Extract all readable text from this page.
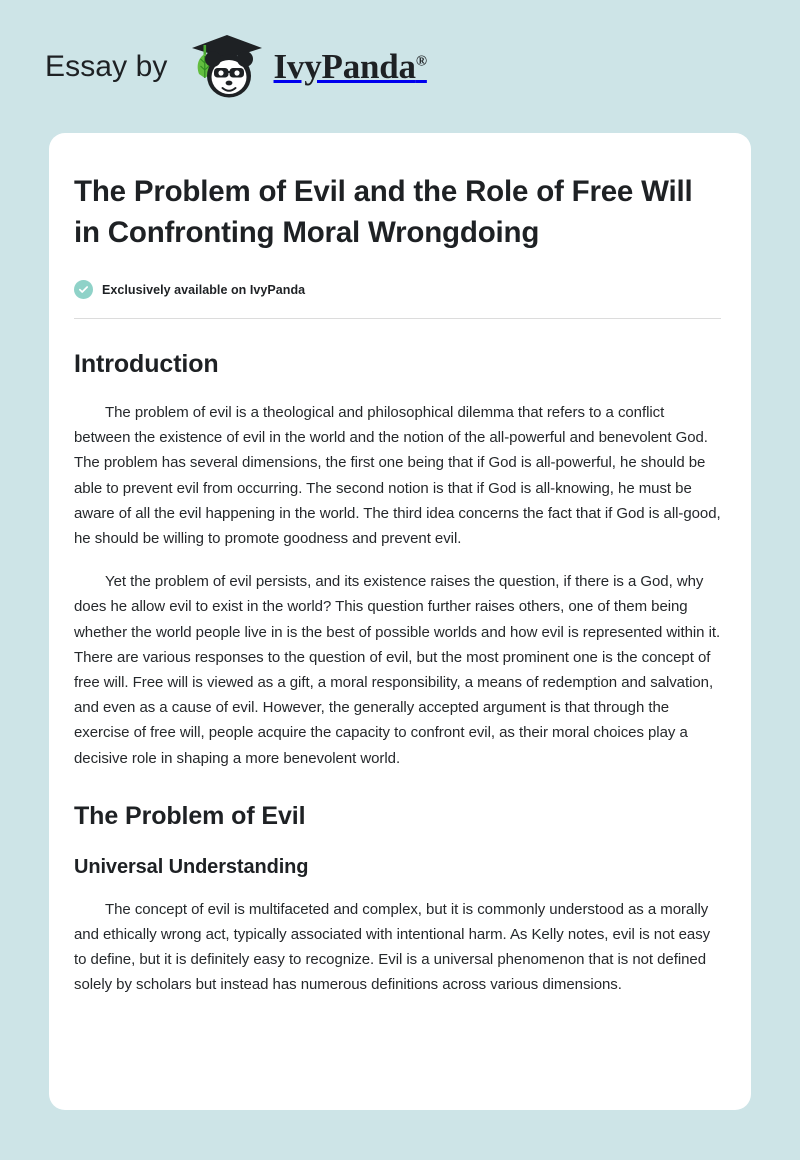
Essay by	IvyPanda®
The Problem of Evil and the Role of Free Will in Confronting Moral Wrongdoing
Exclusively available on IvyPanda
Introduction

The problem of evil is a theological and philosophical dilemma that refers to a conflict between the existence of evil in the world and the notion of the all-powerful and benevolent God. The problem has several dimensions, the first one being that if God is all-powerful, he should be able to prevent evil from occurring. The second notion is that if God is all-knowing, he must be aware of all the evil happening in the world. The third idea concerns the fact that if God is all-good, he should be willing to promote goodness and prevent evil.

Yet the problem of evil persists, and its existence raises the question, if there is a God, why does he allow evil to exist in the world? This question further raises others, one of them being whether the world people live in is the best of possible worlds and how evil is represented within it. There are various responses to the question of evil, but the most prominent one is the concept of free will. Free will is viewed as a gift, a moral responsibility, a means of redemption and salvation, and even as a cause of evil. However, the generally accepted argument is that through the exercise of free will, people acquire the capacity to confront evil, as their moral choices play a decisive role in shaping a more benevolent world.

The Problem of Evil
Universal Understanding

The concept of evil is multifaceted and complex, but it is commonly understood as a morally and ethically wrong act, typically associated with intentional harm. As Kelly notes, evil is not easy to define, but it is definitely easy to recognize. Evil is a universal phenomenon that is not defined solely by scholars but instead has numerous definitions across various dimensions.
